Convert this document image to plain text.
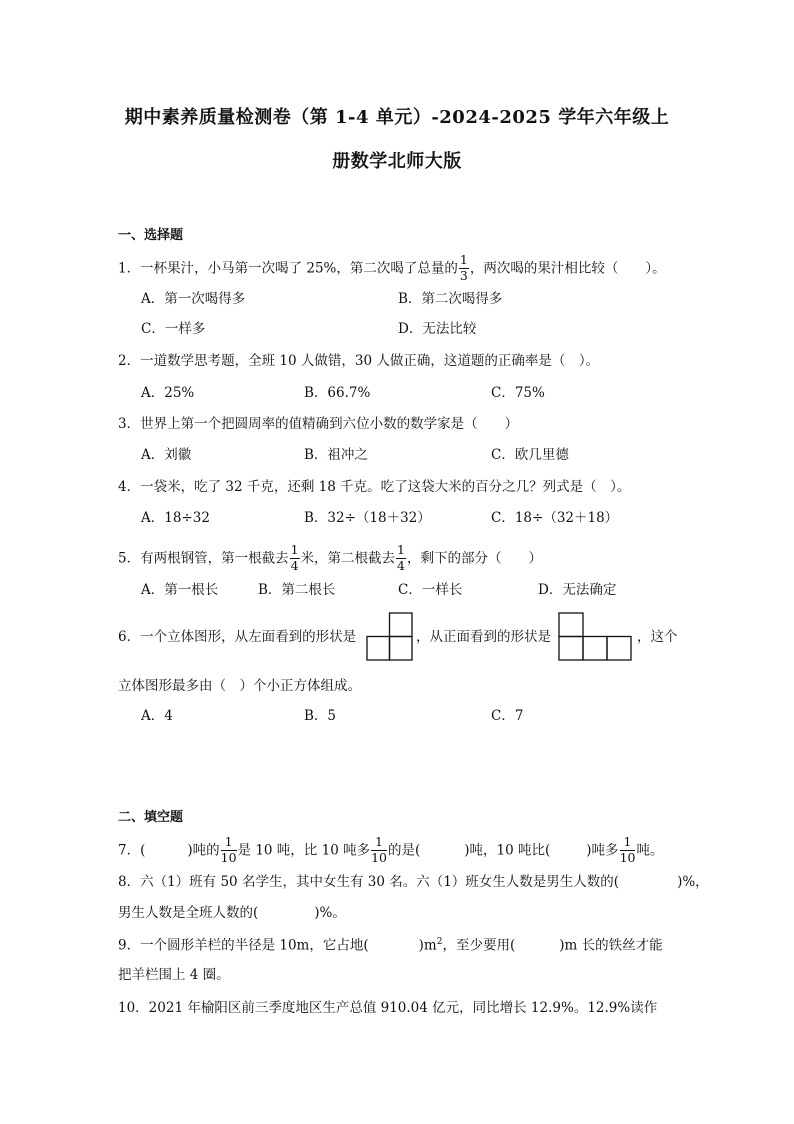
期中素养质量检测卷（第 1-4 单元）-2024-2025 学年六年级上
册数学北师大版
一、选择题
1．一杯果汁，小马第一次喝了 25%，第二次喝了总量的 $\frac{1}{3}$ ，两次喝的果汁相比较（　　）。
A．第一次喝得多	B．第二次喝得多
C．一样多	D．无法比较
2．一道数学思考题，全班 10 人做错，30 人做正确，这道题的正确率是（　）。
A．25%	B．66.7%	C．75%
3．世界上第一个把圆周率的值精确到六位小数的数学家是（　　）
A．刘徽	B．祖冲之	C．欧几里德
4．一袋米，吃了 32 千克，还剩 18 千克。吃了这袋大米的百分之几？列式是（　）。
A．18÷32	B．32÷（18＋32）	C．18÷（32＋18）
5．有两根钢管，第一根截去 $\frac{1}{4}$ 米，第二根截去 $\frac{1}{4}$ ，剩下的部分（　　）
A．第一根长	B．第二根长	C．一样长	D．无法确定
6．一个立体图形，从左面看到的形状是	，从正面看到的形状是	，这个
立体图形最多由（　）个小正方体组成。
A．4	B．5	C．7
二、填空题
7．(	)吨的 $\frac{1}{10}$ 是 10 吨，比 10 吨多 $\frac{1}{10}$ 的是(	)吨，10 吨比(	)吨多 $\frac{1}{10}$ 吨。
8．六（1）班有 50 名学生，其中女生有 30 名。六（1）班女生人数是男生人数的(	)%，
男生人数是全班人数的(	)%。
9．一个圆形羊栏的半径是 10m，它占地(	)$m^2$，至少要用(	)m 长的铁丝才能
把羊栏围上 4 圈。
10．2021 年榆阳区前三季度地区生产总值 910.04 亿元，同比增长 12.9%。12.9%读作
